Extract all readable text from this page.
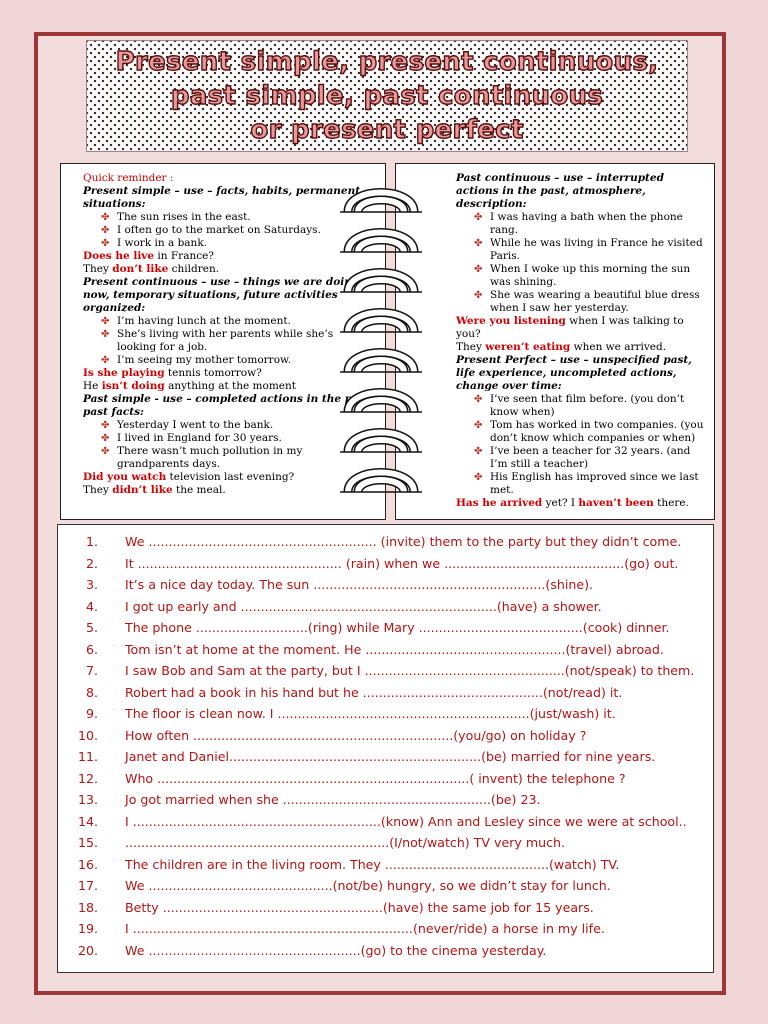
Present simple, present continuous,
past simple, past continuous
or present perfect
Quick reminder :
Present simple – use – facts, habits, permanent situations:
✤ The sun rises in the east.
✤ I often go to the market on Saturdays.
✤ I work in a bank.
Does he live in France?
They don’t like children.
Present continuous – use – things we are doing now, temporary situations, future activities organized:
✤ I’m having lunch at the moment.
✤ She’s living with her parents while she’s looking for a job.
✤ I’m seeing my mother tomorrow.
Is she playing tennis tomorrow?
He isn’t doing anything at the moment
Past simple - use – completed actions in the past, past facts:
✤ Yesterday I went to the bank.
✤ I lived in England for 30 years.
✤ There wasn’t much pollution in my grandparents days.
Did you watch television last evening?
They didn’t like the meal.
Past continuous – use – interrupted actions in the past, atmosphere, description:
✤ I was having a bath when the phone rang.
✤ While he was living in France he visited Paris.
✤ When I woke up this morning the sun was shining.
✤ She was wearing a beautiful blue dress when I saw her yesterday.
Were you listening when I was talking to you?
They weren’t eating when we arrived.
Present Perfect – use – unspecified past, life experience, uncompleted actions, change over time:
✤ I’ve seen that film before. (you don’t know when)
✤ Tom has worked in two companies. (you don’t know which companies or when)
✤ I’ve been a teacher for 32 years. (and I’m still a teacher)
✤ His English has improved since we last met.
Has he arrived yet? I haven’t been there.
1. We ......................................................... (invite) them to the party but they didn’t come.
2. It ................................................... (rain) when we .............................................(go) out.
3. It’s a nice day today. The sun ..........................................................(shine).
4. I got up early and ................................................................(have) a shower.
5. The phone ............................(ring) while Mary .........................................(cook) dinner.
6. Tom isn’t at home at the moment. He ..................................................(travel) abroad.
7. I saw Bob and Sam at the party, but I ..................................................(not/speak) to them.
8. Robert had a book in his hand but he .............................................(not/read) it.
9. The floor is clean now. I ...............................................................(just/wash) it.
10. How often .................................................................(you/go) on holiday ?
11. Janet and Daniel...............................................................(be) married for nine years.
12. Who ..............................................................................( invent) the telephone ?
13. Jo got married when she ....................................................(be) 23.
14. I ..............................................................(know) Ann and Lesley since we were at school..
15. ..................................................................(I/not/watch) TV very much.
16. The children are in the living room. They .........................................(watch) TV.
17. We ..............................................(not/be) hungry, so we didn’t stay for lunch.
18. Betty .......................................................(have) the same job for 15 years.
19. I ......................................................................(never/ride) a horse in my life.
20. We .....................................................(go) to the cinema yesterday.
